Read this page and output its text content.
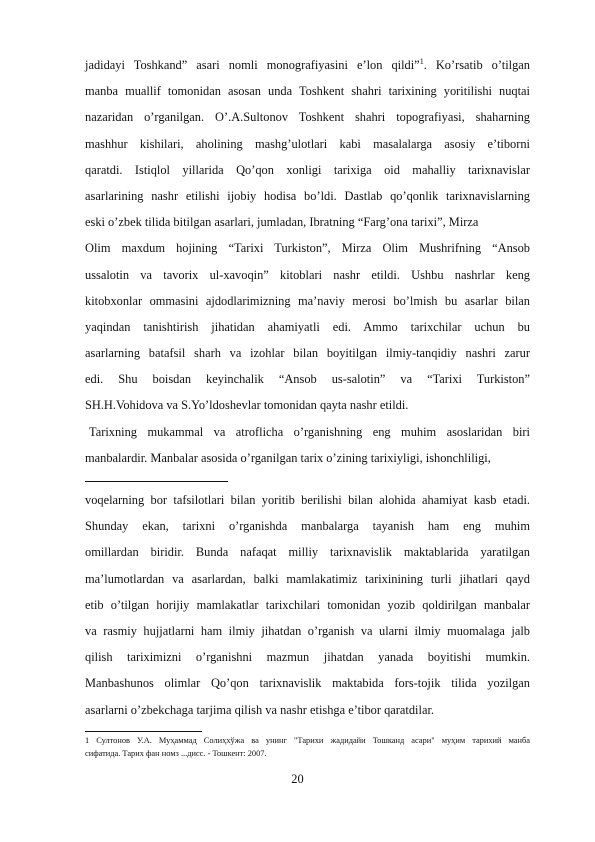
jadidayi Toshkand” asari nomli monografiyasini e’lon qildi”$^1$. Ko’rsatib o’tilgan
manba muallif tomonidan asosan unda Toshkent shahri tarixining yoritilishi nuqtai
nazaridan o’rganilgan. O’.A.Sultonov Toshkent shahri topografiyasi, shaharning
mashhur kishilari, aholining mashg’ulotlari kabi masalalarga asosiy e’tiborni
qaratdi. Istiqlol yillarida Qo’qon xonligi tarixiga oid mahalliy tarixnavislar
asarlarining nashr etilishi ijobiy hodisa bo’ldi. Dastlab qo’qonlik tarixnavislarning
eski o’zbek tilida bitilgan asarlari, jumladan, Ibratning “Farg’ona tarixi”, Mirza
Olim maxdum hojining “Tarixi Turkiston”, Mirza Olim Mushrifning “Ansob
ussalotin va tavorix ul-xavoqin” kitoblari nashr etildi. Ushbu nashrlar keng
kitobxonlar ommasini ajdodlarimizning ma’naviy merosi bo’lmish bu asarlar bilan
yaqindan tanishtirish jihatidan ahamiyatli edi. Ammo tarixchilar uchun bu
asarlarning batafsil sharh va izohlar bilan boyitilgan ilmiy-tanqidiy nashri zarur
edi. Shu boisdan keyinchalik “Ansob us-salotin” va “Tarixi Turkiston”
SH.H.Vohidova va S.Yo’ldoshevlar tomonidan qayta nashr etildi.
Tarixning mukammal va atroflicha o’rganishning eng muhim asoslaridan biri
manbalardir. Manbalar asosida o’rganilgan tarix o’zining tarixiyligi, ishonchliligi,
voqelarning bor tafsilotlari bilan yoritib berilishi bilan alohida ahamiyat kasb etadi.
Shunday ekan, tarixni o’rganishda manbalarga tayanish ham eng muhim
omillardan biridir. Bunda nafaqat milliy tarixnavislik maktablarida yaratilgan
ma’lumotlardan va asarlardan, balki mamlakatimiz tarixinining turli jihatlari qayd
etib o’tilgan horijiy mamlakatlar tarixchilari tomonidan yozib qoldirilgan manbalar
va rasmiy hujjatlarni ham ilmiy jihatdan o’rganish va ularni ilmiy muomalaga jalb
qilish tariximizni o’rganishni mazmun jihatdan yanada boyitishi mumkin.
Manbashunos olimlar Qo’qon tarixnavislik maktabida fors-tojik tilida yozilgan
asarlarni o’zbekchaga tarjima qilish va nashr etishga e’tibor qaratdilar.
1 Султонов У.А. Муҳаммад Солиҳхўжа ва унинг "Тарихи жадидайи Тошканд асари" муҳим тарихий манба
сифатида. Тарих фан номз ...дисс. - Тошкент: 2007.
20
